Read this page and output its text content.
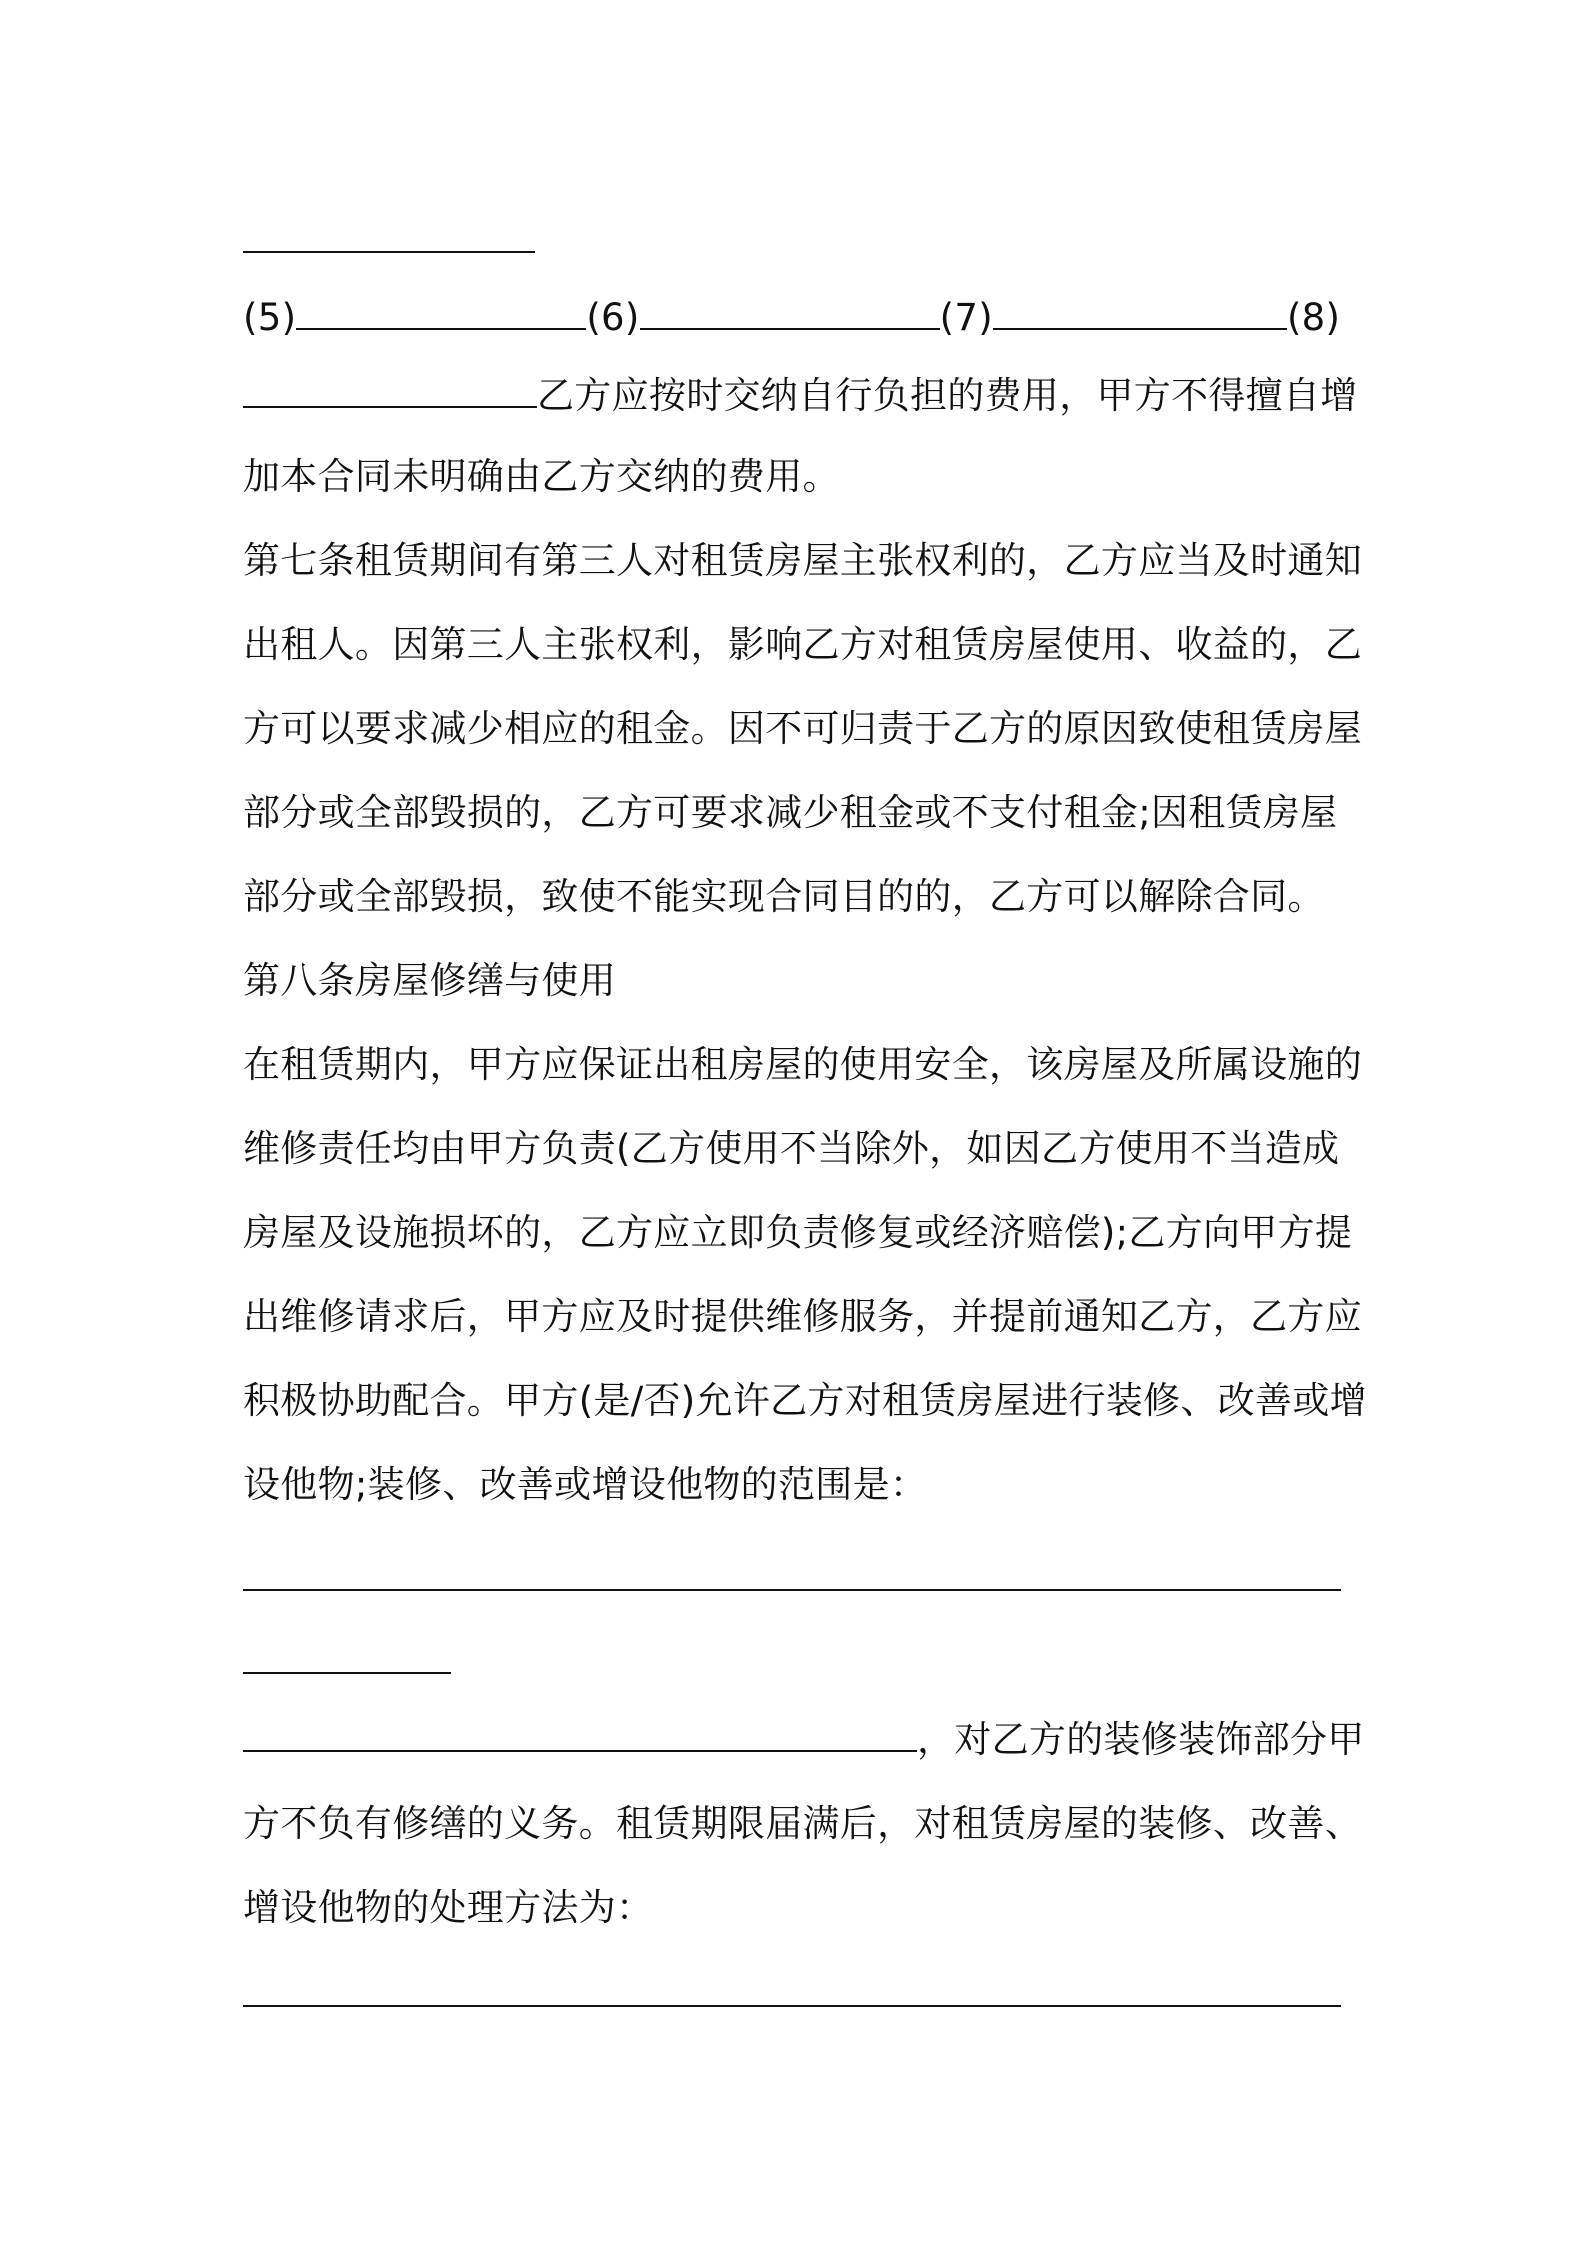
(5)	(6)	(7)	(8)

乙方应按时交纳自行负担的费用，甲方不得擅自增

加本合同未明确由乙方交纳的费用。

第七条租赁期间有第三人对租赁房屋主张权利的，乙方应当及时通知

出租人。因第三人主张权利，影响乙方对租赁房屋使用、收益的，乙

方可以要求减少相应的租金。因不可归责于乙方的原因致使租赁房屋

部分或全部毁损的，乙方可要求减少租金或不支付租金;因租赁房屋

部分或全部毁损，致使不能实现合同目的的，乙方可以解除合同。

第八条房屋修缮与使用

在租赁期内，甲方应保证出租房屋的使用安全，该房屋及所属设施的

维修责任均由甲方负责(乙方使用不当除外，如因乙方使用不当造成

房屋及设施损坏的，乙方应立即负责修复或经济赔偿);乙方向甲方提

出维修请求后，甲方应及时提供维修服务，并提前通知乙方，乙方应

积极协助配合。甲方(是/否)允许乙方对租赁房屋进行装修、改善或增

设他物;装修、改善或增设他物的范围是：

，对乙方的装修装饰部分甲

方不负有修缮的义务。租赁期限届满后，对租赁房屋的装修、改善、

增设他物的处理方法为：
